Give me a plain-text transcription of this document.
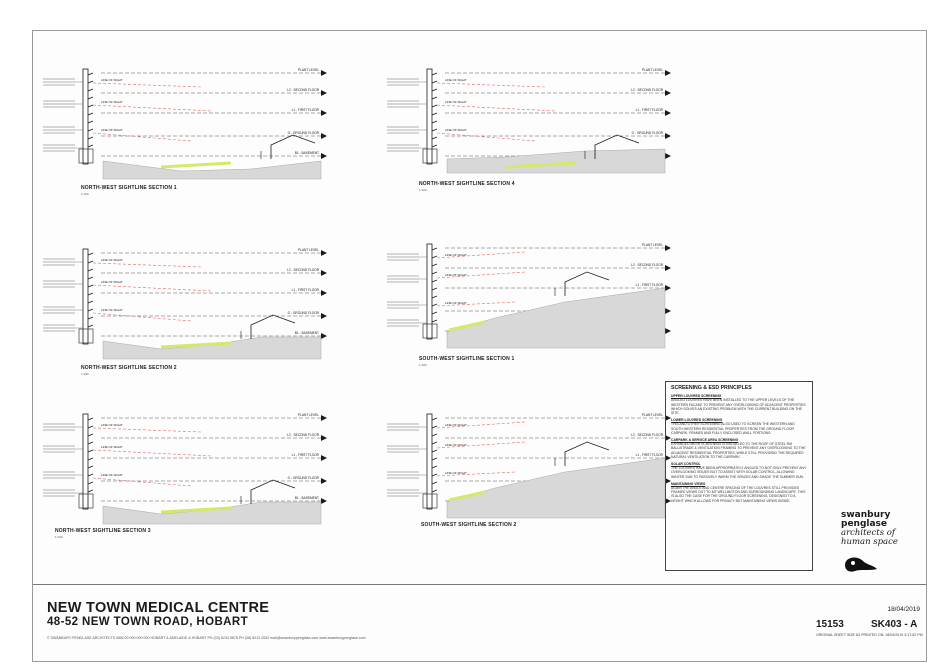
PLANT LEVEL
L2 - SECOND FLOOR
L1 - FIRST FLOOR
G - GROUND FLOOR
B1 - BASEMENT
LINE OF SIGHT
LINE OF SIGHT
LINE OF SIGHT
NORTH-WEST SIGHTLINE SECTION 1
1:100
PLANT LEVEL
L2 - SECOND FLOOR
L1 - FIRST FLOOR
G - GROUND FLOOR
LINE OF SIGHT
LINE OF SIGHT
LINE OF SIGHT
NORTH-WEST SIGHTLINE SECTION 4
1:100
PLANT LEVEL
L2 - SECOND FLOOR
L1 - FIRST FLOOR
G - GROUND FLOOR
B1 - BASEMENT
LINE OF SIGHT
LINE OF SIGHT
LINE OF SIGHT
NORTH-WEST SIGHTLINE SECTION 2
1:100
PLANT LEVEL
L2 - SECOND FLOOR
L1 - FIRST FLOOR
LINE OF SIGHT
LINE OF SIGHT
LINE OF SIGHT
SOUTH-WEST SIGHTLINE SECTION 1
1:100
PLANT LEVEL
L2 - SECOND FLOOR
L1 - FIRST FLOOR
G - GROUND FLOOR
B1 - BASEMENT
LINE OF SIGHT
LINE OF SIGHT
LINE OF SIGHT
NORTH-WEST SIGHTLINE SECTION 3
1:100
PLANT LEVEL
L2 - SECOND FLOOR
L1 - FIRST FLOOR
LINE OF SIGHT
LINE OF SIGHT
LINE OF SIGHT
SOUTH-WEST SIGHTLINE SECTION 2
SCREENING & ESD PRINCIPLES
UPPER LOUVRED SCREENING
ANGLED LOUVRES HAVE BEEN INSTALLED TO THE UPPER LEVELS OF THE WESTERN FACADE TO PREVENT ANY OVERLOOKING OF ADJACENT PROPERTIES WHICH SOLVES AN EXISTING PROBLEM WITH THE CURRENT BUILDING ON THE SITE.
LOWER LOUVRED SCREENING
THIS AND OTHER SCREENING ALSO USED TO SCREEN THE WESTERN AND SOUTH-WESTERN RESIDENTIAL PROPERTIES FROM THE GROUND FLOOR CARPARK, FRAMES AND FULLY ENCLOSED WALL PORTIONS.
CARPARK & SERVICE AREA SCREENING
EXPANDED MESH SCREENING IS INSTALLED TO THE ROOF OF STEEL RM BALUSTRADE & VENTILATION FRAMING TO PREVENT ANY OVERLOOKING TO THE ADJACENT RESIDENTIAL PROPERTIES, WHILE STILL PROVIDING THE REQUIRED NATURAL VENTILATION TO THE CARPARK.
SOLAR CONTROL
THE LOUVRES HAVE BEEN APPROPRIATELY ANGLED TO NOT ONLY PREVENT ANY OVERLOOKING ISSUES BUT TO ASSIST WITH SOLAR CONTROL, ALLOWING WINTER SUN TO PASSIVELY WARM THE SPACES AND SHADE THE SUMMER SUN.
MAINTAINING VIEWS
AGAIN THE ANGLE AND CENTRE SPACING OF THE LOUVRES STILL PROVIDES FRAMED VIEWS OUT TO MT WELLINGTON AND SURROUNDING LANDSCAPE. THIS IS ALSO THE CASE FOR THE GROUND FLOOR SCREENING, DESIGNED TO A HEIGHT WHICH ALLOWS FOR PRIVACY BUT MAINTAINING VIEWS INSIDE.
swanbury
penglase
architects of
human space
NEW TOWN MEDICAL CENTRE
48-52 NEW TOWN ROAD, HOBART
© SWANBURY PENGLASE ARCHITECTS ABN 00 000 000 000 HOBART & ADELAIDE & HOBART PH (03) 6234 5678 PH (08) 8212 2052 mail@swanburypenglase.com www.swanburypenglase.com
18/04/2019
15153	SK403 - A
ORIGINAL SHEET SIZE A3 PRINTED ON: 18/04/2019 3:17:52 PM
